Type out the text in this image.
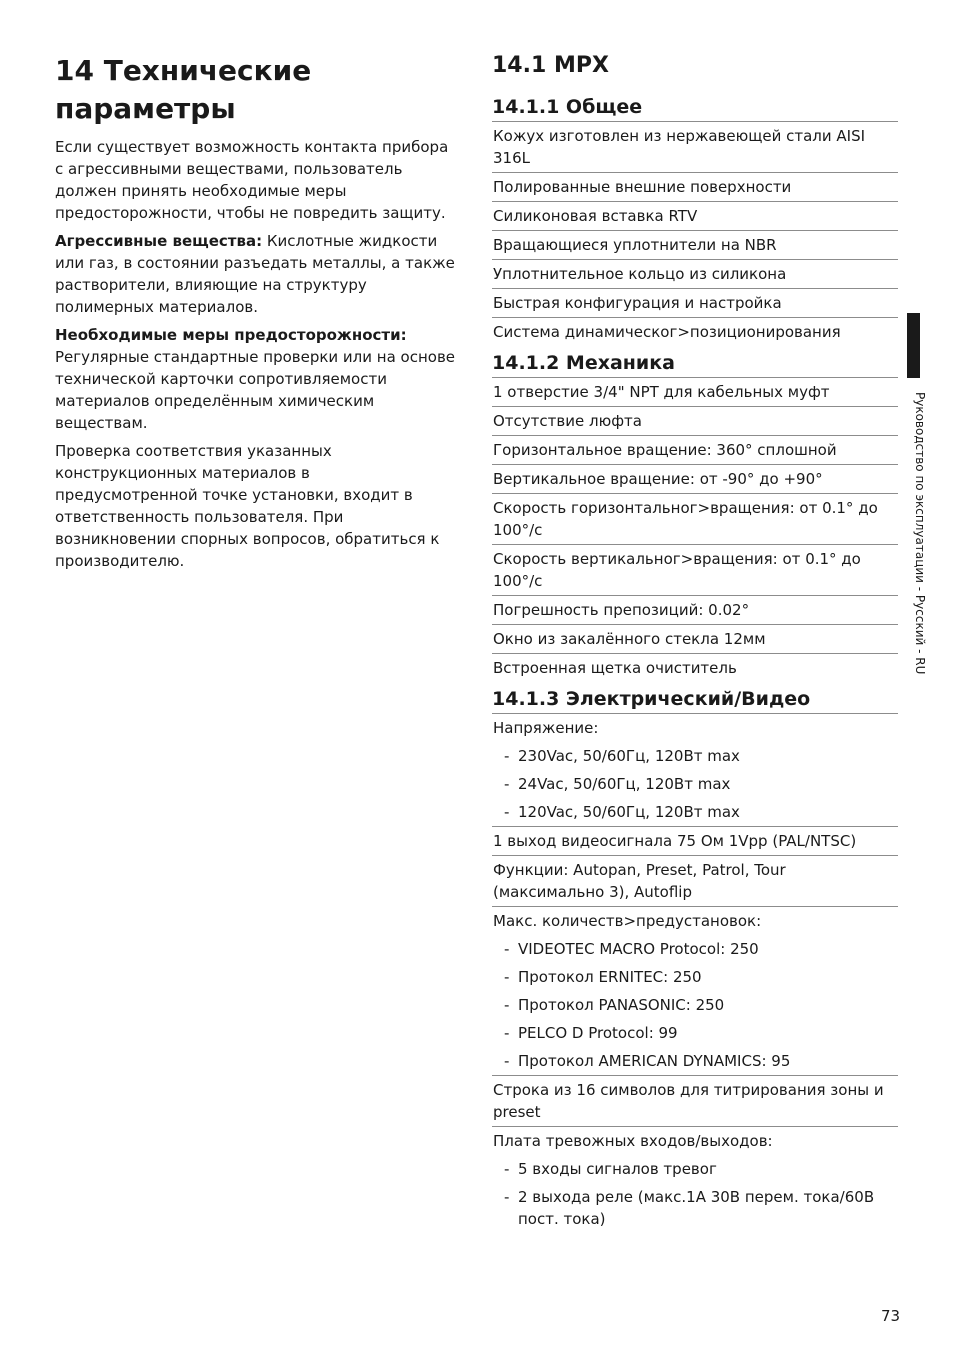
14 Технические
параметры

Если существует возможность контакта прибора с агрессивными веществами, пользователь должен принять необходимые меры предосторожности, чтобы не повредить защиту.

Агрессивные вещества: Кислотные жидкости или газ, в состоянии разъедать металлы, а также растворители, влияющие на структуру полимерных материалов.

Необходимые меры предосторожности:
Регулярные стандартные проверки или на основе технической карточки сопротивляемости материалов определённым химическим веществам.

Проверка соответствия указанных конструкционных материалов в предусмотренной точке установки, входит в ответственность пользователя. При возникновении спорных вопросов, обратиться к производителю.

14.1 MPX
14.1.1 Общее
Кожух изготовлен из нержавеющей стали AISI 316L
Полированные внешние поверхности
Силиконовая вставка RTV
Вращающиеся уплотнители на NBR
Уплотнительное кольцо из силикона
Быстрая конфигурация и настройка
Система динамическог>позиционирования
14.1.2 Механика
1 отверстие 3/4" NPT для кабельных муфт
Отсутствие люфта
Горизонтальное вращение: 360° сплошной
Вертикальное вращение: от -90° до +90°
Скорость горизонтальног>вращения: от 0.1° до 100°/с
Скорость вертикальног>вращения: от 0.1° до 100°/с
Погрешность препозиций: 0.02°
Окно из закалённого стекла 12мм
Встроенная щетка очиститель
14.1.3 Электрический/Видео
Напряжение:
- 230Vac, 50/60Гц, 120Вт max
- 24Vac, 50/60Гц, 120Вт max
- 120Vac, 50/60Гц, 120Вт max
1 выход видеосигнала 75 Ом 1Vpp (PAL/NTSC)
Функции: Autopan, Preset, Patrol, Tour (максимально 3), Autoflip
Макс. количеств>предустановок:
- VIDEOTEC MACRO Protocol: 250
- Протокол ERNITEC: 250
- Протокол PANASONIC: 250
- PELCO D Protocol: 99
- Протокол AMERICAN DYNAMICS: 95
Строка из 16 символов для титрирования зоны и preset
Плата тревожных входов/выходов:
- 5 входы сигналов тревог
- 2 выхода реле (макс.1А 30В перем. тока/60В пост. тока)
Руководство по эксплуатации - Русский - RU
73
